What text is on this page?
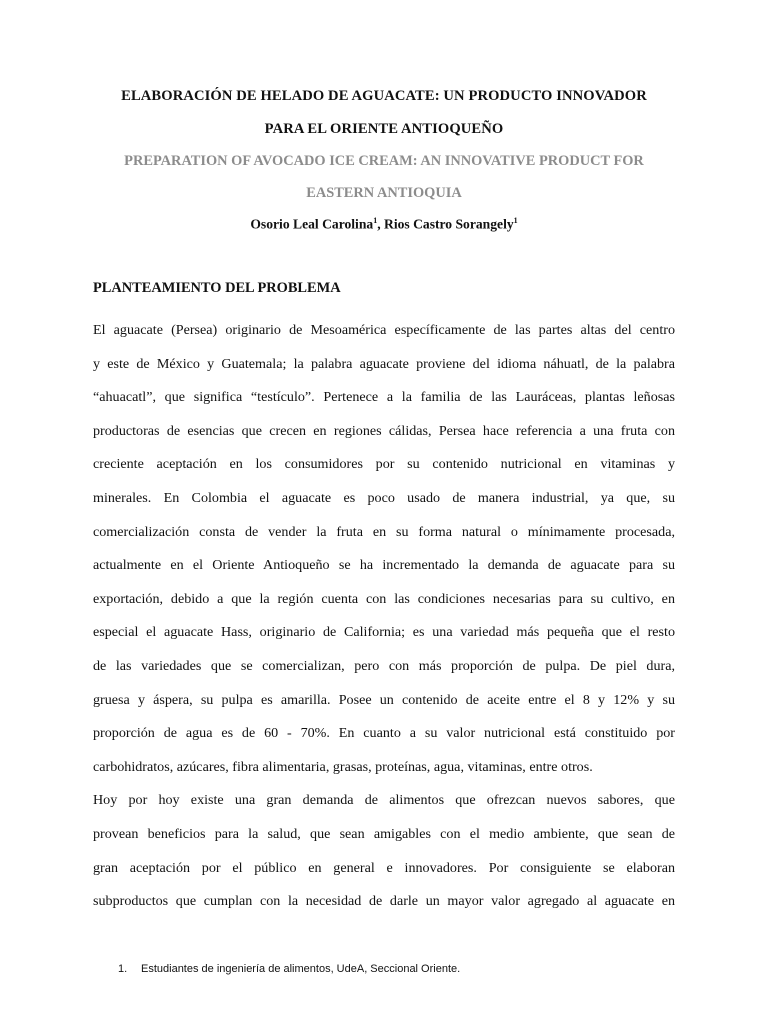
ELABORACIÓN DE HELADO DE AGUACATE: UN PRODUCTO INNOVADOR
PARA EL ORIENTE ANTIOQUEÑO
PREPARATION OF AVOCADO ICE CREAM: AN INNOVATIVE PRODUCT FOR
EASTERN ANTIOQUIA

Osorio Leal Carolina$^1$, Rios Castro Sorangely$^1$

PLANTEAMIENTO DEL PROBLEMA

El aguacate (Persea) originario de Mesoamérica específicamente de las partes altas del centro
y este de México y Guatemala; la palabra aguacate proviene del idioma náhuatl, de la palabra
“ahuacatl”, que significa “testículo”. Pertenece a la familia de las Lauráceas, plantas leñosas
productoras de esencias que crecen en regiones cálidas, Persea hace referencia a una fruta con
creciente aceptación en los consumidores por su contenido nutricional en vitaminas y
minerales. En Colombia el aguacate es poco usado de manera industrial, ya que, su
comercialización consta de vender la fruta en su forma natural o mínimamente procesada,
actualmente en el Oriente Antioqueño se ha incrementado la demanda de aguacate para su
exportación, debido a que la región cuenta con las condiciones necesarias para su cultivo, en
especial el aguacate Hass, originario de California; es una variedad más pequeña que el resto
de las variedades que se comercializan, pero con más proporción de pulpa. De piel dura,
gruesa y áspera, su pulpa es amarilla. Posee un contenido de aceite entre el 8 y 12% y su
proporción de agua es de 60 - 70%. En cuanto a su valor nutricional está constituido por
carbohidratos, azúcares, fibra alimentaria, grasas, proteínas, agua, vitaminas, entre otros.

Hoy por hoy existe una gran demanda de alimentos que ofrezcan nuevos sabores, que
provean beneficios para la salud, que sean amigables con el medio ambiente, que sean de
gran aceptación por el público en general e innovadores. Por consiguiente se elaboran
subproductos que cumplan con la necesidad de darle un mayor valor agregado al aguacate en

1. Estudiantes de ingeniería de alimentos, UdeA, Seccional Oriente.
